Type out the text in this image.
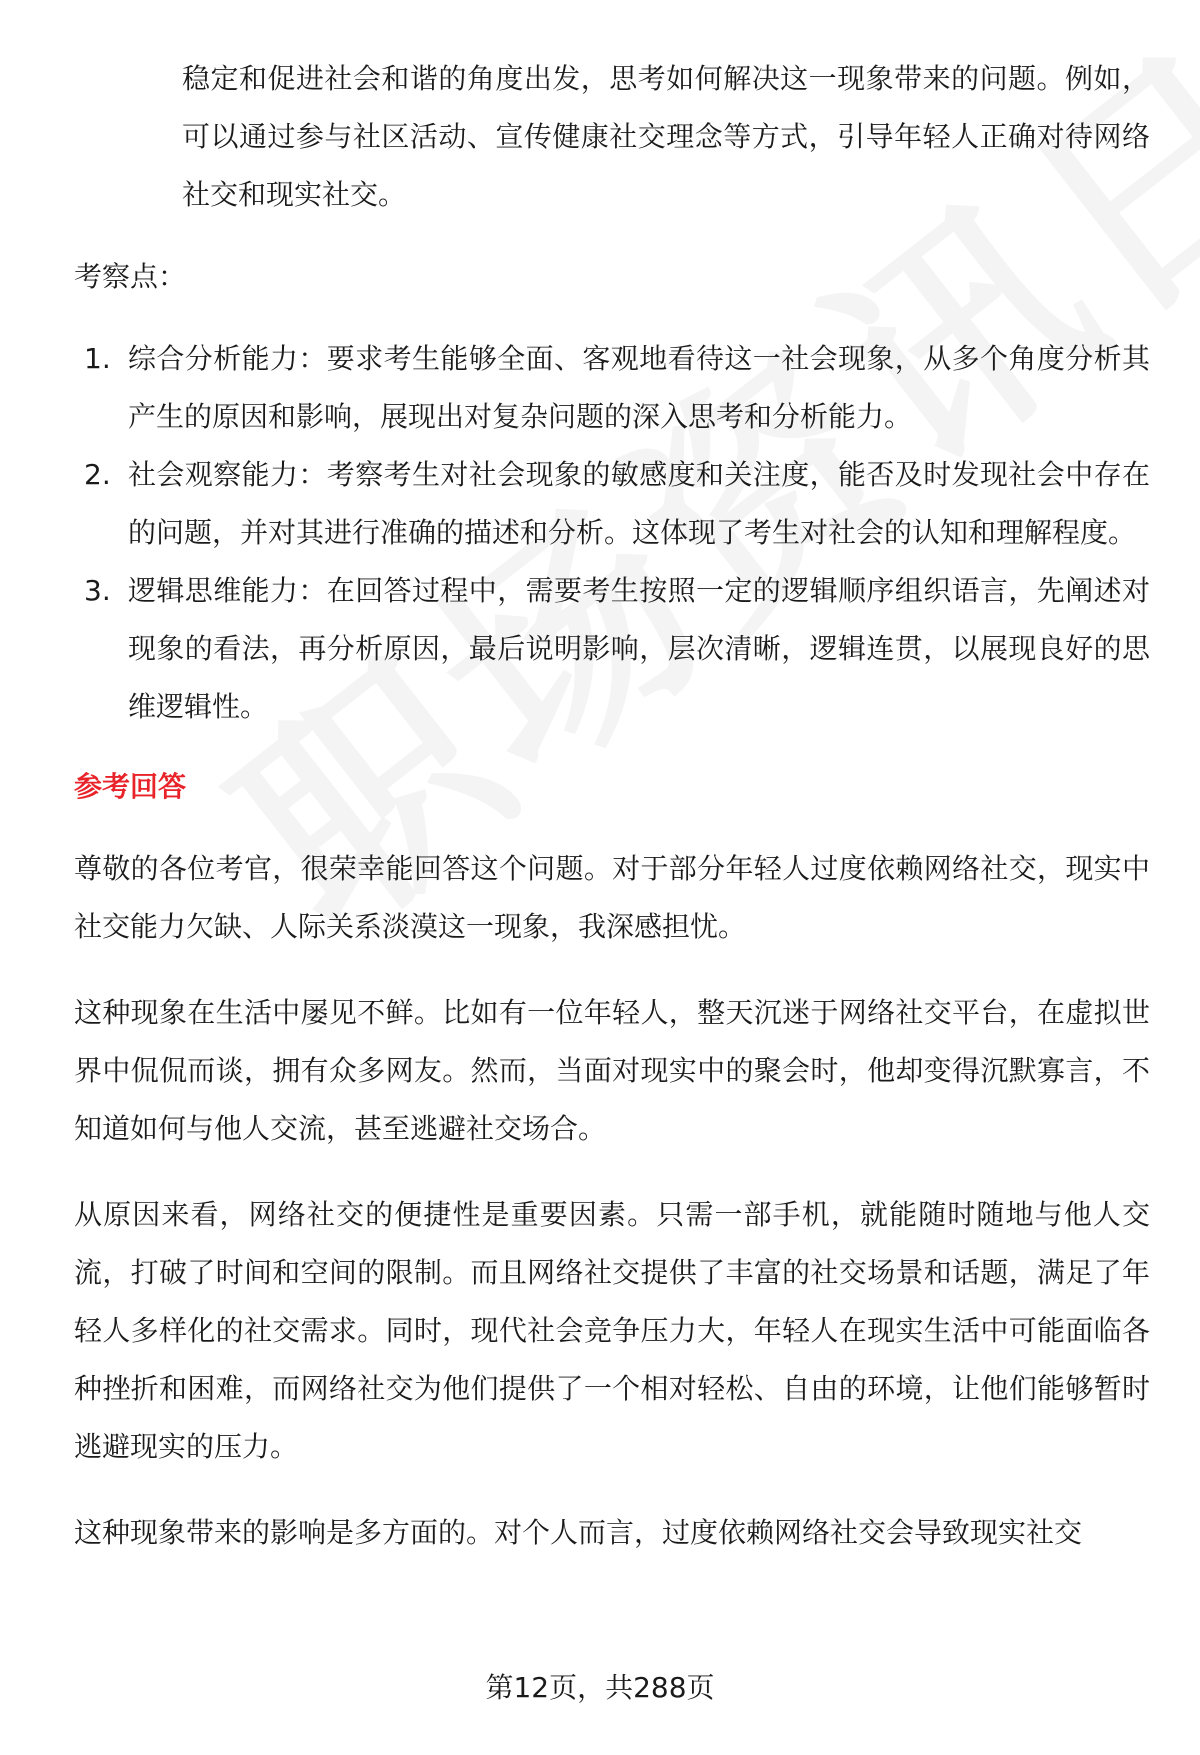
稳定和促进社会和谐的角度出发，思考如何解决这一现象带来的问题。例如，可以通过参与社区活动、宣传健康社交理念等方式，引导年轻人正确对待网络社交和现实社交。

考察点：

1. 综合分析能力：要求考生能够全面、客观地看待这一社会现象，从多个角度分析其产生的原因和影响，展现出对复杂问题的深入思考和分析能力。
2. 社会观察能力：考察考生对社会现象的敏感度和关注度，能否及时发现社会中存在的问题，并对其进行准确的描述和分析。这体现了考生对社会的认知和理解程度。
3. 逻辑思维能力：在回答过程中，需要考生按照一定的逻辑顺序组织语言，先阐述对现象的看法，再分析原因，最后说明影响，层次清晰，逻辑连贯，以展现良好的思维逻辑性。
参考回答

尊敬的各位考官，很荣幸能回答这个问题。对于部分年轻人过度依赖网络社交，现实中社交能力欠缺、人际关系淡漠这一现象，我深感担忧。

这种现象在生活中屡见不鲜。比如有一位年轻人，整天沉迷于网络社交平台，在虚拟世界中侃侃而谈，拥有众多网友。然而，当面对现实中的聚会时，他却变得沉默寡言，不知道如何与他人交流，甚至逃避社交场合。

从原因来看，网络社交的便捷性是重要因素。只需一部手机，就能随时随地与他人交流，打破了时间和空间的限制。而且网络社交提供了丰富的社交场景和话题，满足了年轻人多样化的社交需求。同时，现代社会竞争压力大，年轻人在现实生活中可能面临各种挫折和困难，而网络社交为他们提供了一个相对轻松、自由的环境，让他们能够暂时逃避现实的压力。

这种现象带来的影响是多方面的。对个人而言，过度依赖网络社交会导致现实社交

第12页，共288页
